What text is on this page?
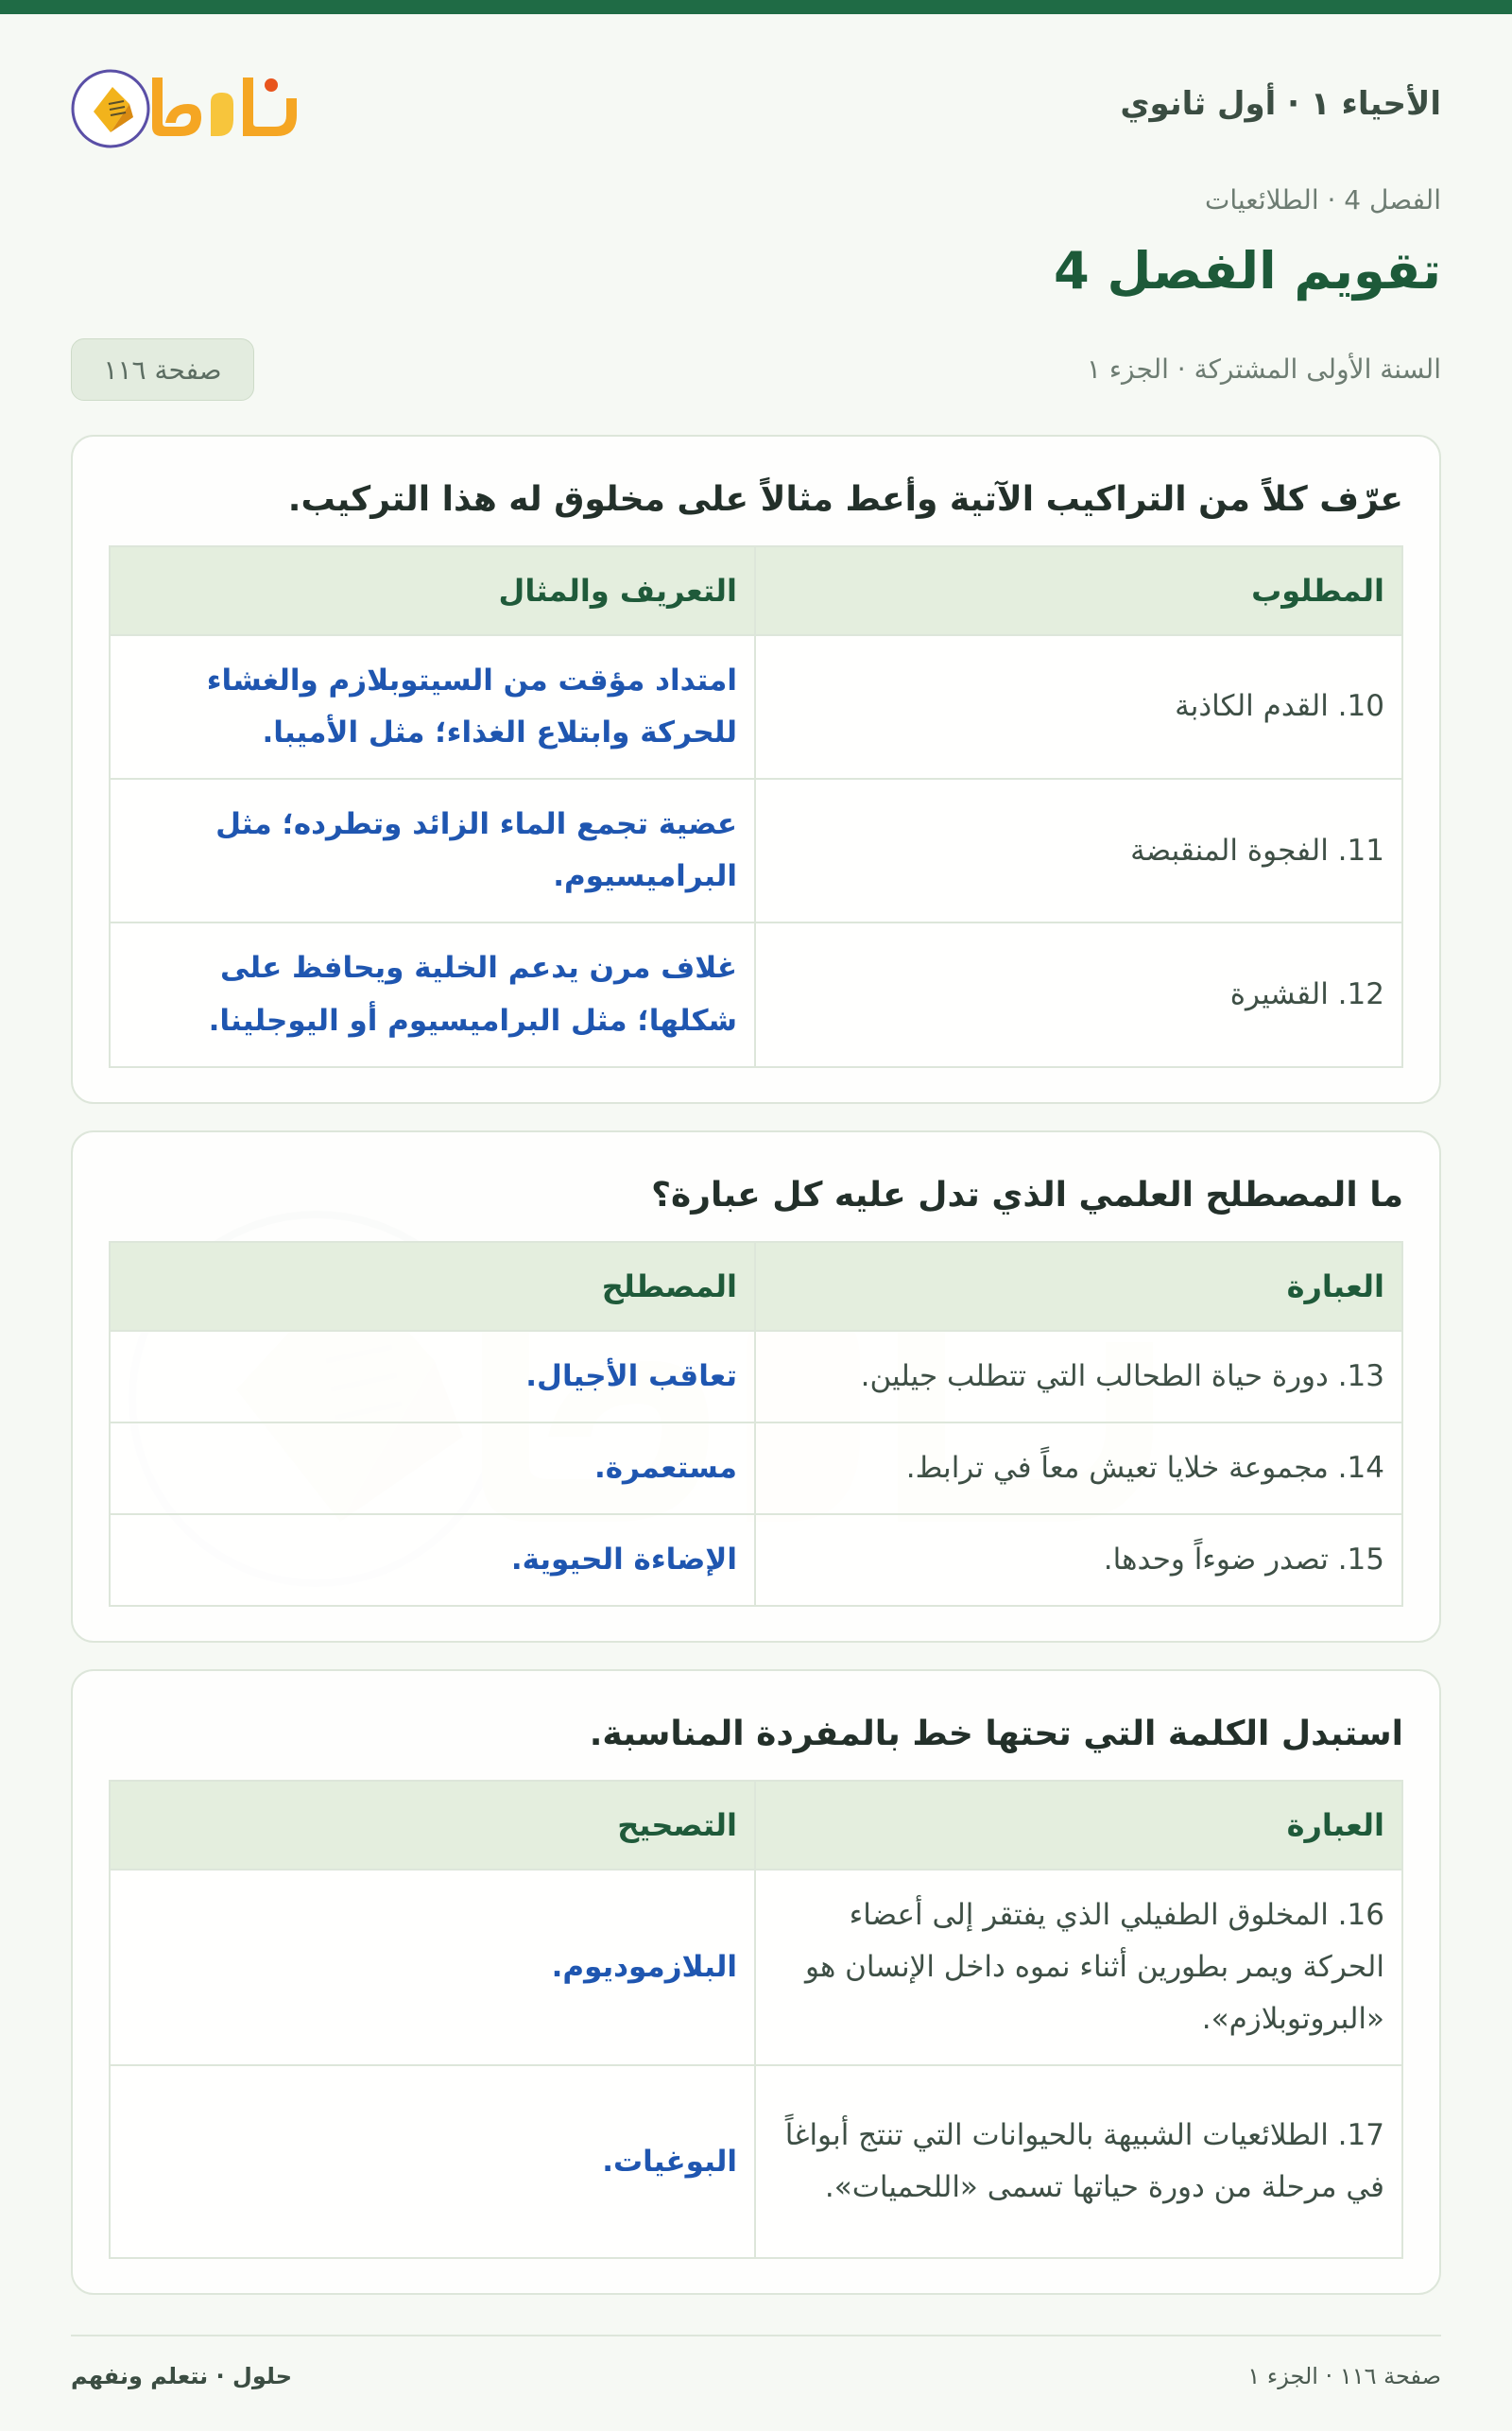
الأحياء ١ · أول ثانوي
الفصل 4 · الطلائعيات
تقويم الفصل 4
السنة الأولى المشتركة · الجزء ١
صفحة ١١٦
عرّف كلاً من التراكيب الآتية وأعط مثالاً على مخلوق له هذا التركيب.
المطلوب	التعريف والمثال
10. القدم الكاذبة	امتداد مؤقت من السيتوبلازم والغشاء للحركة وابتلاع الغذاء؛ مثل الأميبا.
11. الفجوة المنقبضة	عضية تجمع الماء الزائد وتطرده؛ مثل البراميسيوم.
12. القشيرة	غلاف مرن يدعم الخلية ويحافظ على شكلها؛ مثل البراميسيوم أو اليوجلينا.
ما المصطلح العلمي الذي تدل عليه كل عبارة؟
العبارة	المصطلح
13. دورة حياة الطحالب التي تتطلب جيلين.	تعاقب الأجيال.
14. مجموعة خلايا تعيش معاً في ترابط.	مستعمرة.
15. تصدر ضوءاً وحدها.	الإضاءة الحيوية.
استبدل الكلمة التي تحتها خط بالمفردة المناسبة.
العبارة	التصحيح
16. المخلوق الطفيلي الذي يفتقر إلى أعضاء الحركة ويمر بطورين أثناء نموه داخل الإنسان هو «البروتوبلازم».	البلازموديوم.
17. الطلائعيات الشبيهة بالحيوانات التي تنتج أبواغاً في مرحلة من دورة حياتها تسمى «اللحميات».	البوغيات.
صفحة ١١٦ · الجزء ١
حلول · نتعلم ونفهم
